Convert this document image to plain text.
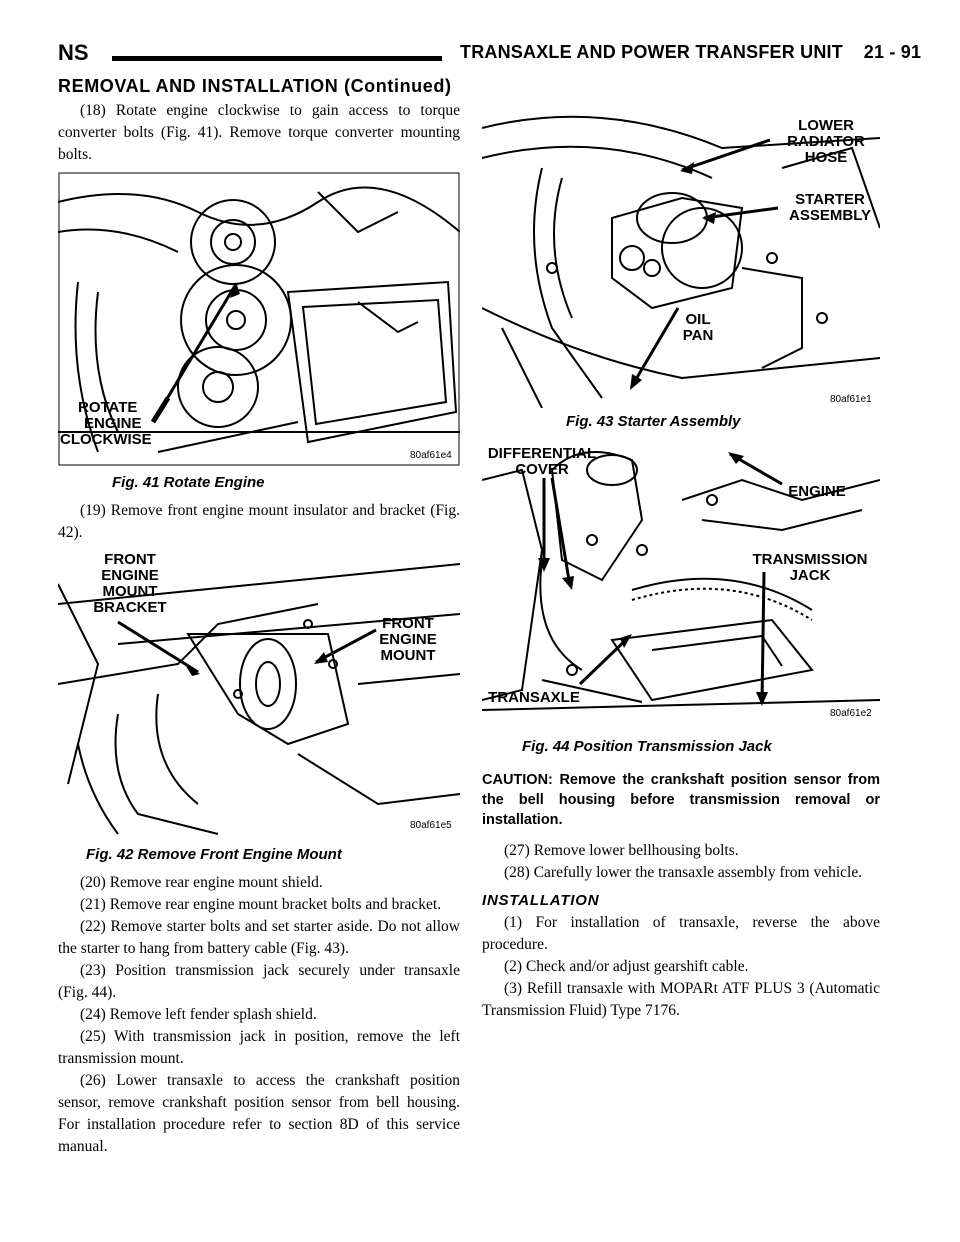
NS	TRANSAXLE AND POWER TRANSFER UNIT    21 - 91
REMOVAL AND INSTALLATION (Continued)

(18) Rotate engine clockwise to gain access to torque converter bolts (Fig. 41). Remove torque converter mounting bolts.

ROTATE
ENGINE
CLOCKWISE
80af61e4
Fig. 41 Rotate Engine

(19) Remove front engine mount insulator and bracket (Fig. 42).

FRONT
ENGINE
MOUNT
BRACKET
FRONT
ENGINE
MOUNT
80af61e5
Fig. 42 Remove Front Engine Mount

(20) Remove rear engine mount shield.

(21) Remove rear engine mount bracket bolts and bracket.

(22) Remove starter bolts and set starter aside. Do not allow the starter to hang from battery cable (Fig. 43).

(23) Position transmission jack securely under transaxle (Fig. 44).

(24) Remove left fender splash shield.

(25) With transmission jack in position, remove the left transmission mount.

(26) Lower transaxle to access the crankshaft position sensor, remove crankshaft position sensor from bell housing. For installation procedure refer to section 8D of this service manual.

LOWER
RADIATOR
HOSE
STARTER
ASSEMBLY
OIL
PAN
80af61e1
Fig. 43 Starter Assembly
DIFFERENTIAL
COVER
ENGINE
TRANSMISSION
JACK
TRANSAXLE
80af61e2
Fig. 44 Position Transmission Jack

CAUTION: Remove the crankshaft position sensor from the bell housing before transmission removal or installation.

(27) Remove lower bellhousing bolts.

(28) Carefully lower the transaxle assembly from vehicle.

INSTALLATION

(1) For installation of transaxle, reverse the above procedure.

(2) Check and/or adjust gearshift cable.

(3) Refill transaxle with MOPARt ATF PLUS 3 (Automatic Transmission Fluid) Type 7176.
